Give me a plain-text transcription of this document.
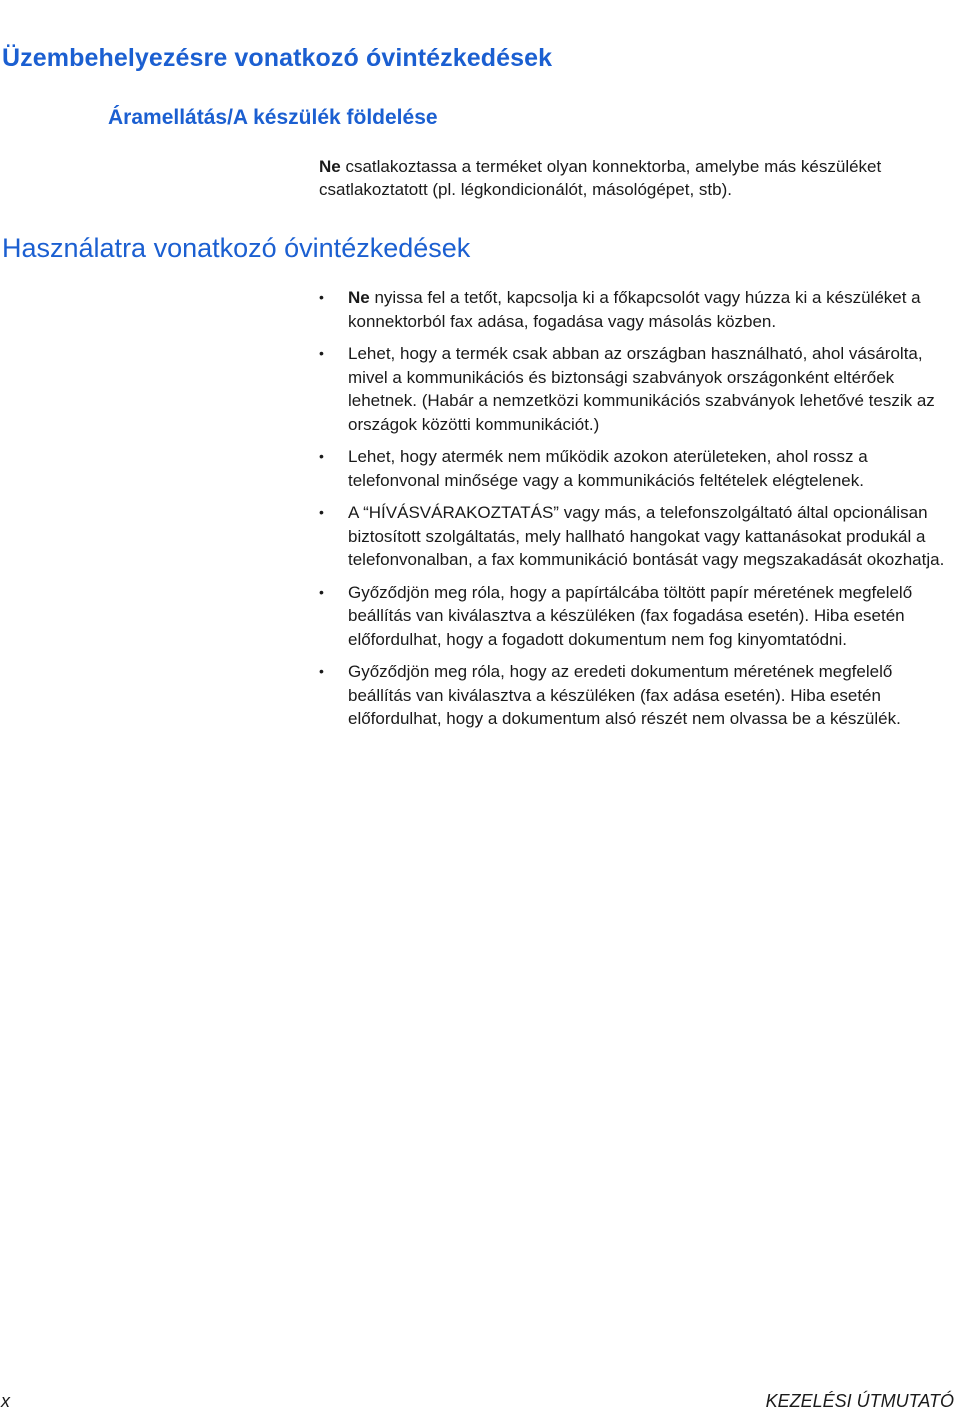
Üzembehelyezésre vonatkozó óvintézkedések
Áramellátás/A készülék földelése

Ne csatlakoztassa a terméket olyan konnektorba, amelybe más készüléket csatlakoztatott (pl. légkondicionálót, másológépet, stb).

Használatra vonatkozó óvintézkedések
• Ne nyissa fel a tetőt, kapcsolja ki a főkapcsolót vagy húzza ki a készüléket a konnektorból fax adása, fogadása vagy másolás közben.
• Lehet, hogy a termék csak abban az országban használható, ahol vásárolta, mivel a kommunikációs és biztonsági szabványok országonként eltérőek lehetnek. (Habár a nemzetközi kommunikációs szabványok lehetővé teszik az országok közötti kommunikációt.)
• Lehet, hogy atermék nem működik azokon aterületeken, ahol rossz a telefonvonal minősége vagy a kommunikációs feltételek elégtelenek.
• A “HÍVÁSVÁRAKOZTATÁS” vagy más, a telefonszolgáltató által opcionálisan biztosított szolgáltatás, mely hallható hangokat vagy kattanásokat produkál a telefonvonalban, a fax kommunikáció bontását vagy megszakadását okozhatja.
• Győződjön meg róla, hogy a papírtálcába töltött papír méretének megfelelő beállítás van kiválasztva a készüléken (fax fogadása esetén). Hiba esetén előfordulhat, hogy a fogadott dokumentum nem fog kinyomtatódni.
• Győződjön meg róla, hogy az eredeti dokumentum méretének megfelelő beállítás van kiválasztva a készüléken (fax adása esetén). Hiba esetén előfordulhat, hogy a dokumentum alsó részét nem olvassa be a készülék.
x	KEZELÉSI ÚTMUTATÓ
